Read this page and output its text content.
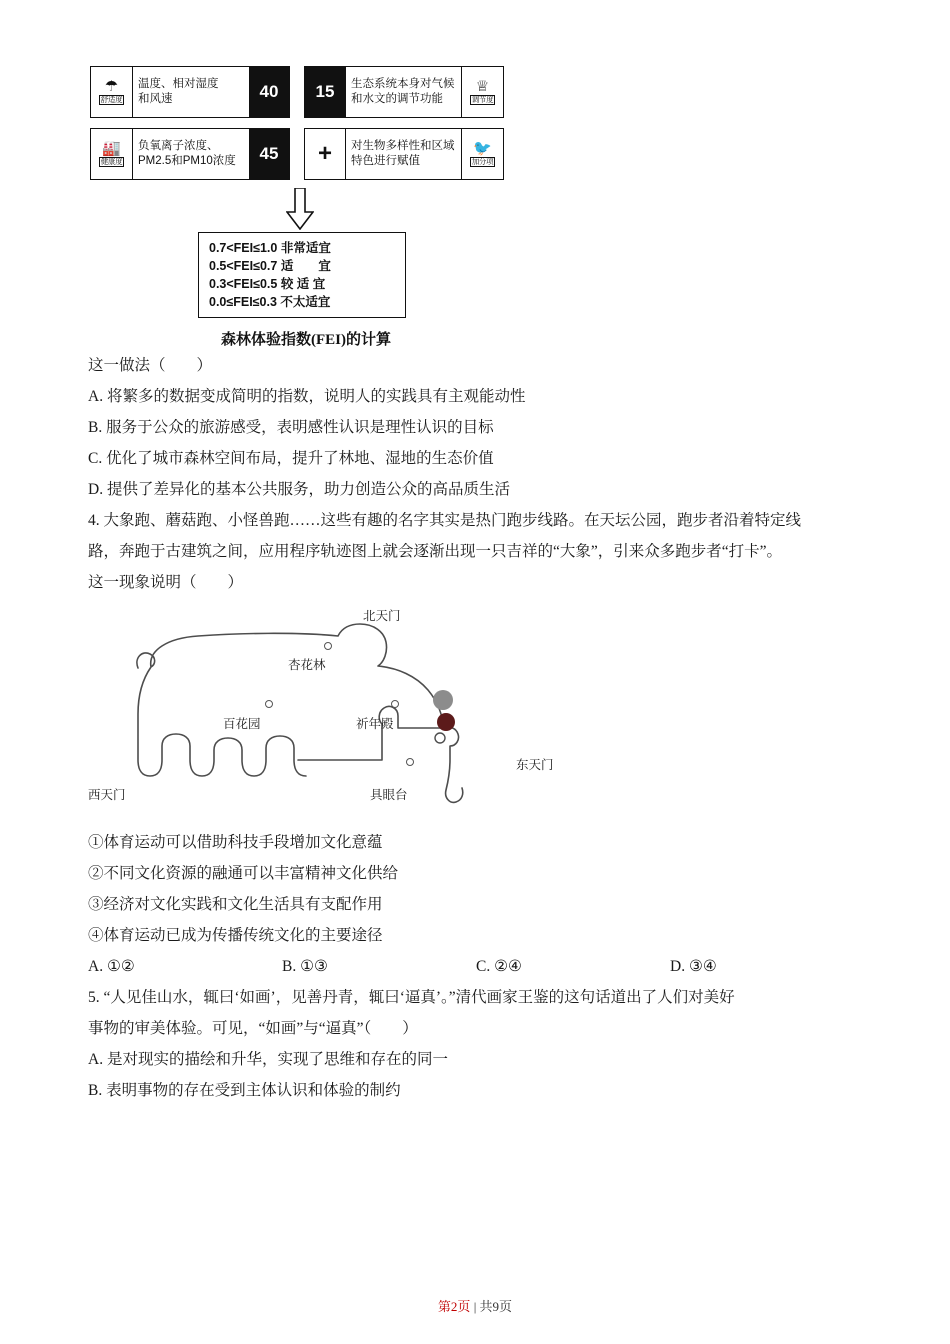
☂
舒适度
温度、相对湿度
和风速	40	15	生态系统本身对气候
和水文的调节功能
♕
调节度
🏭
健康度
负氧离子浓度、
PM2.5和PM10浓度	45	+	对生物多样性和区域
特色进行赋值
🐦
加分项
0.7<FEI≤1.0 非常适宜
0.5<FEI≤0.7 适　　宜
0.3<FEI≤0.5 较 适 宜
0.0≤FEI≤0.3 不太适宜
森林体验指数(FEI)的计算

这一做法（　　）

A. 将繁多的数据变成简明的指数，说明人的实践具有主观能动性

B. 服务于公众的旅游感受，表明感性认识是理性认识的目标

C. 优化了城市森林空间布局，提升了林地、湿地的生态价值

D. 提供了差异化的基本公共服务，助力创造公众的高品质生活

4. 大象跑、蘑菇跑、小怪兽跑……这些有趣的名字其实是热门跑步线路。在天坛公园，跑步者沿着特定线

路，奔跑于古建筑之间，应用程序轨迹图上就会逐渐出现一只吉祥的“大象”，引来众多跑步者“打卡”。

这一现象说明（　　）

北天门
杏花林
百花园	祈年殿
西天门	具眼台
东天门

①体育运动可以借助科技手段增加文化意蕴

②不同文化资源的融通可以丰富精神文化供给

③经济对文化实践和文化生活具有支配作用

④体育运动已成为传播传统文化的主要途径

A. ①②	B. ①③	C. ②④	D. ③④

5. “人见佳山水，辄曰‘如画’，见善丹青，辄曰‘逼真’。”清代画家王鉴的这句话道出了人们对美好

事物的审美体验。可见，“如画”与“逼真”（　　）

A. 是对现实的描绘和升华，实现了思维和存在的同一

B. 表明事物的存在受到主体认识和体验的制约

第2页 | 共9页
